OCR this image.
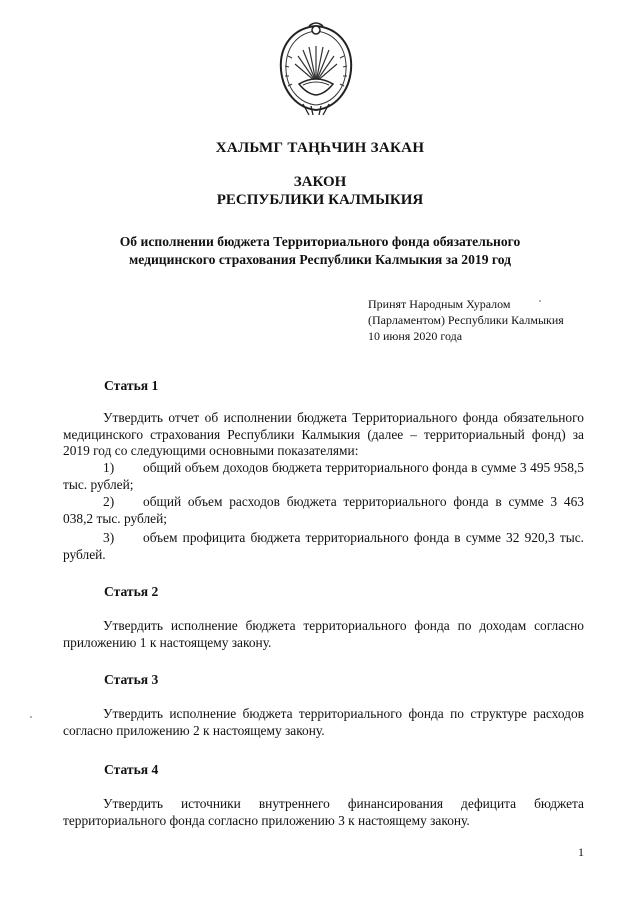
ХАЛЬМГ ТАҢҺЧИН ЗАКАН
ЗАКОН
РЕСПУБЛИКИ КАЛМЫКИЯ
Об исполнении бюджета Территориального фонда обязательного
медицинского страхования Республики Калмыкия за 2019 год
Принят Народным Хуралом
(Парламентом) Республики Калмыкия
10 июня 2020 года
Статья 1
Утвердить отчет об исполнении бюджета Территориального фонда обязательного медицинского страхования Республики Калмыкия (далее – территориальный фонд) за 2019 год со следующими основными показателями:
1)	общий объем доходов бюджета территориального фонда в сумме 3 495 958,5 тыс. рублей;
2)	общий объем расходов бюджета территориального фонда в сумме 3 463 038,2 тыс. рублей;
3)	объем профицита бюджета территориального фонда в сумме 32 920,3 тыс. рублей.
Статья 2
Утвердить исполнение бюджета территориального фонда по доходам согласно приложению 1 к настоящему закону.
Статья 3
Утвердить исполнение бюджета территориального фонда по структуре расходов согласно приложению 2 к настоящему закону.
Статья 4
Утвердить источники внутреннего финансирования дефицита бюджета территориального фонда согласно приложению 3 к настоящему закону.
1
